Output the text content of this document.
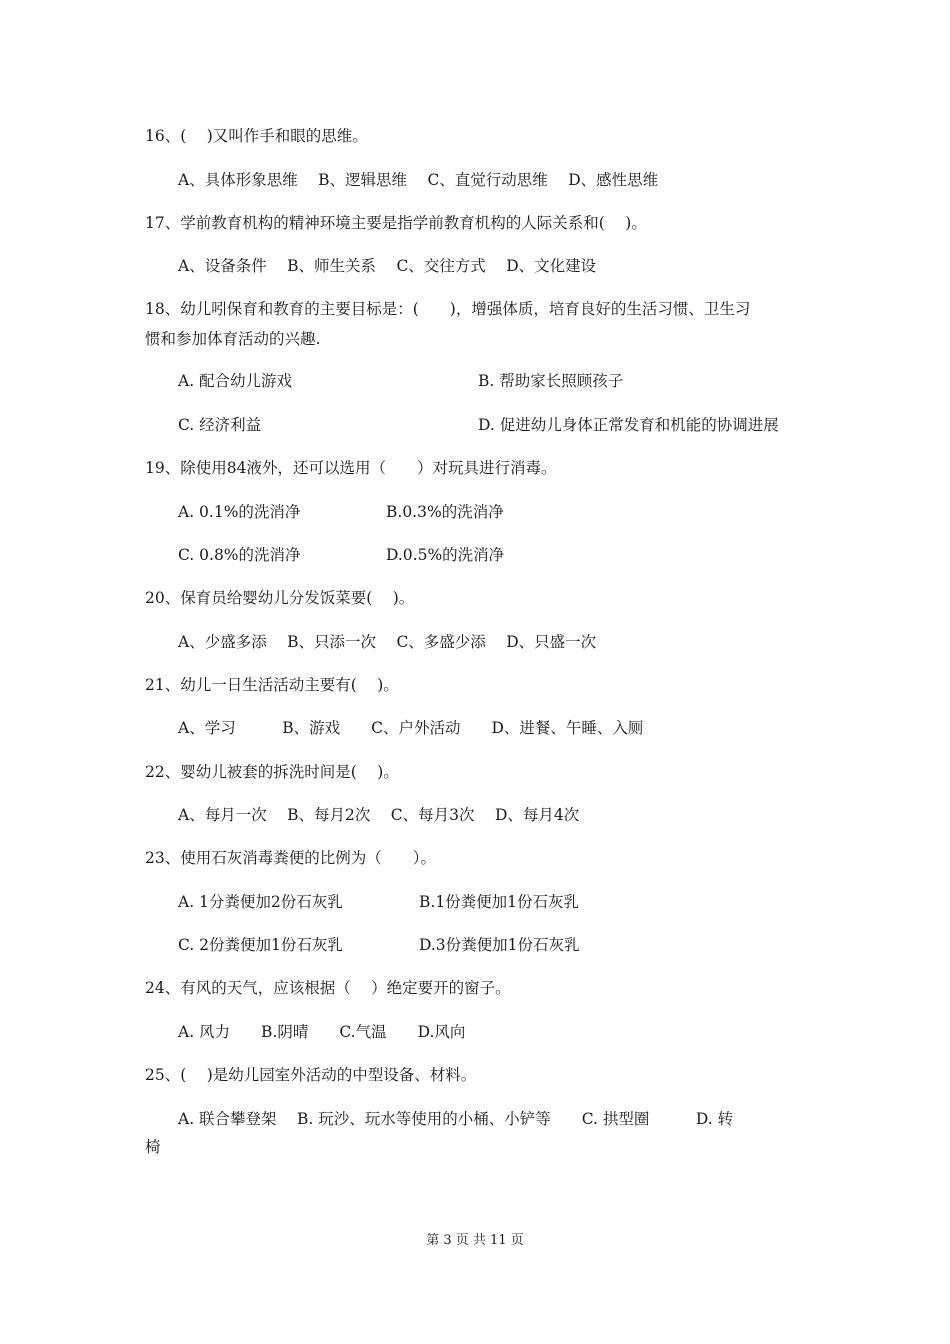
16、(　 )又叫作手和眼的思维。
A、具体形象思维　 B、逻辑思维　 C、直觉行动思维　 D、感性思维
17、学前教育机构的精神环境主要是指学前教育机构的人际关系和(　 )。
A、设备条件　 B、师生关系　 C、交往方式　 D、文化建设
18、幼儿吲保育和教育的主要目标是：(　　)，增强体质，培育良好的生活习惯、卫生习
惯和参加体育活动的兴趣.
A. 配合幼儿游戏	B. 帮助家长照顾孩子
C. 经济利益	D. 促进幼儿身体正常发育和机能的协调进展
19、除使用84液外，还可以选用（　　）对玩具进行消毒。
A. 0.1%的洗消净	B.0.3%的洗消净
C. 0.8%的洗消净	D.0.5%的洗消净
20、保育员给婴幼儿分发饭菜要(　 )。
A、少盛多添　 B、只添一次　 C、多盛少添　 D、只盛一次
21、幼儿一日生活活动主要有(　 )。
A、学习　　　B、游戏　　C、户外活动　　D、进餐、午睡、入厕
22、婴幼儿被套的拆洗时间是(　 )。
A、每月一次　 B、每月2次　 C、每月3次　 D、每月4次
23、使用石灰消毒粪便的比例为（　　）。
A. 1分粪便加2份石灰乳	B.1份粪便加1份石灰乳
C. 2份粪便加1份石灰乳	D.3份粪便加1份石灰乳
24、有风的天气，应该根据（　 ）绝定要开的窗子。
A. 风力　　B.阴晴　　C.气温　　D.风向
25、(　 )是幼儿园室外活动的中型设备、材料。
A. 联合攀登架　 B. 玩沙、玩水等使用的小桶、小铲等　　C. 拱型圈　　　D. 转
椅
第 3 页 共 11 页
